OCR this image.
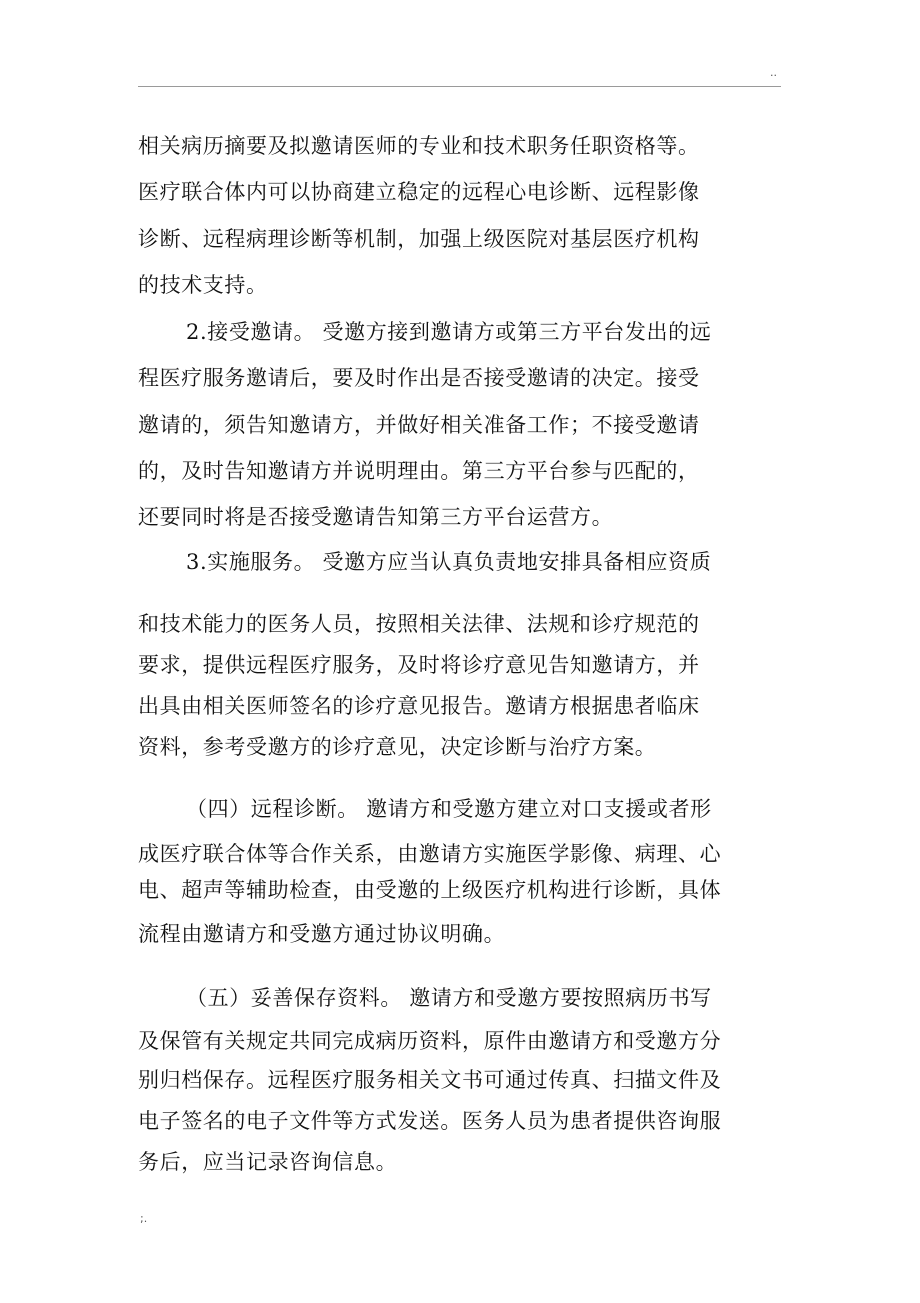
..
相关病历摘要及拟邀请医师的专业和技术职务任职资格等。
医疗联合体内可以协商建立稳定的远程心电诊断、远程影像
诊断、远程病理诊断等机制，加强上级医院对基层医疗机构
的技术支持。
2.接受邀请。 受邀方接到邀请方或第三方平台发出的远
程医疗服务邀请后，要及时作出是否接受邀请的决定。接受
邀请的，须告知邀请方，并做好相关准备工作；不接受邀请
的，及时告知邀请方并说明理由。第三方平台参与匹配的，
还要同时将是否接受邀请告知第三方平台运营方。
3.实施服务。 受邀方应当认真负责地安排具备相应资质
和技术能力的医务人员，按照相关法律、法规和诊疗规范的
要求，提供远程医疗服务，及时将诊疗意见告知邀请方，并
出具由相关医师签名的诊疗意见报告。邀请方根据患者临床
资料，参考受邀方的诊疗意见，决定诊断与治疗方案。
（四）远程诊断。 邀请方和受邀方建立对口支援或者形
成医疗联合体等合作关系，由邀请方实施医学影像、病理、心
电、超声等辅助检查，由受邀的上级医疗机构进行诊断，具体
流程由邀请方和受邀方通过协议明确。
（五）妥善保存资料。 邀请方和受邀方要按照病历书写
及保管有关规定共同完成病历资料，原件由邀请方和受邀方分
别归档保存。远程医疗服务相关文书可通过传真、扫描文件及
电子签名的电子文件等方式发送。医务人员为患者提供咨询服
务后，应当记录咨询信息。
;.
